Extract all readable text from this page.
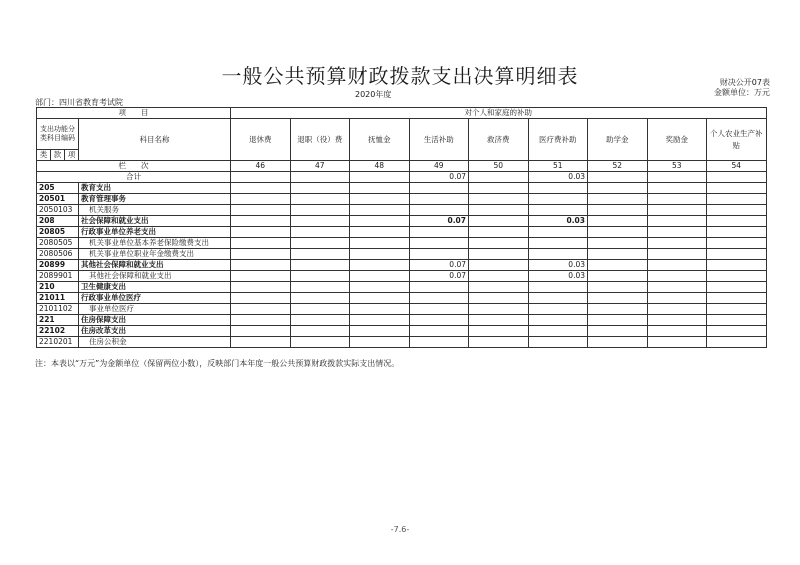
一般公共预算财政拨款支出决算明细表	财决公开07表
金额单位：万元
2020年度
部门：四川省教育考试院
项　　目				对个人和家庭的补助								
支出功能分类科目编码			科目名称	退休费	退职（役）费	抚恤金	生活补助	救济费	医疗费补助	助学金	奖励金	个人农业生产补贴
类	款	项										
栏　　次				46	47	48	49	50	51	52	53	54
合计							0.07		0.03			
205			教育支出									
20501			教育管理事务									
2050103			机关服务									
208			社会保障和就业支出				0.07		0.03			
20805			行政事业单位养老支出									
2080505			机关事业单位基本养老保险缴费支出									
2080506			机关事业单位职业年金缴费支出									
20899			其他社会保障和就业支出				0.07		0.03			
2089901			其他社会保障和就业支出				0.07		0.03			
210			卫生健康支出									
21011			行政事业单位医疗									
2101102			事业单位医疗									
221			住房保障支出									
22102			住房改革支出									
2210201			住房公积金									
注：本表以“万元”为金额单位（保留两位小数），反映部门本年度一般公共预算财政拨款实际支出情况。
-7.6-
